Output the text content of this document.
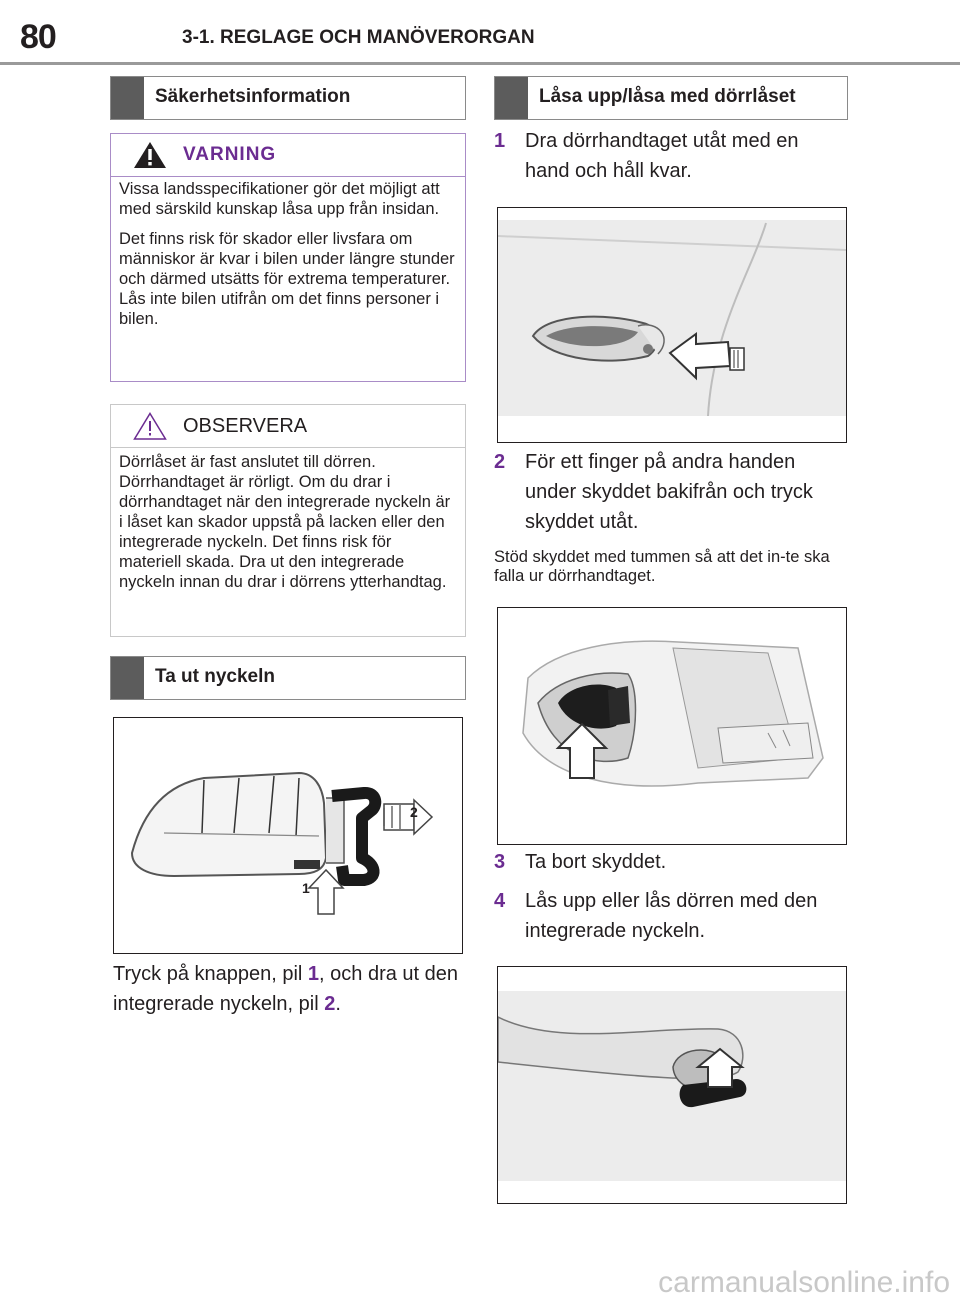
80	3-1. REGLAGE OCH MANÖVERORGAN
Säkerhetsinformation
VARNING

Vissa landsspecifikationer gör det möjligt att med särskild kunskap låsa upp från insidan.

Det finns risk för skador eller livsfara om människor är kvar i bilen under längre stunder och därmed utsätts för extrema temperaturer. Lås inte bilen utifrån om det finns personer i bilen.

OBSERVERA

Dörrlåset är fast anslutet till dörren. Dörrhandtaget är rörligt. Om du drar i dörrhandtaget när den integrerade nyckeln är i låset kan skador uppstå på lacken eller den integrerade nyckeln. Det finns risk för materiell skada. Dra ut den integrerade nyckeln innan du drar i dörrens ytterhandtag.

Ta ut nyckeln
2
1
Tryck på knappen, pil 1, och dra ut den integrerade nyckeln, pil 2.
Låsa upp/låsa med dörrlåset
1 Dra dörrhandtaget utåt med en hand och håll kvar.
2 För ett finger på andra handen under skyddet bakifrån och tryck skyddet utåt.
Stöd skyddet med tummen så att det in-te ska falla ur dörrhandtaget.
3 Ta bort skyddet.
4 Lås upp eller lås dörren med den integrerade nyckeln.
carmanualsonline.info
